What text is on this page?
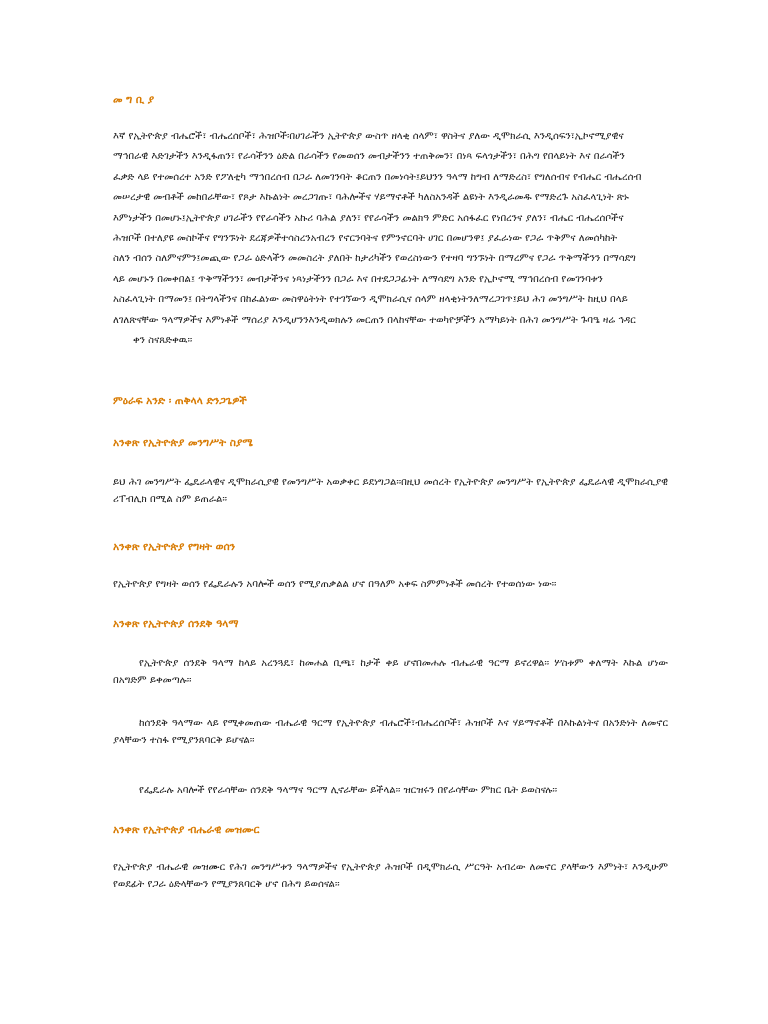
መ ግ ቢ ያ
እኛ የኢትዮጵያ ብሔሮች፣ ብሔረሰቦች፣ ሕዝቦች፡በሀገራችን ኢትዮጵያ ውስጥ ዘላቂ ሰላም፣ ዋስትና ያለው ዲሞክራሲ እንዲሰፍን፣ኢኮኖሚያዊና
ማኅበራዊ እድገታችን እንዲፋጠን፣ የራሳችንን ዕድል በራሳችን የመወሰን መብታችንን ተጠቅመን፣ በነጻ ፍላጎታችን፣ በሕግ የበላይነት እና በራሳችን
ፈቃድ ላይ የተመሰረተ አንድ የፖለቲካ ማኅበረሰብ በጋራ ለመገንባት ቆርጠን በመነሳት፤ይህንን ዓላማ ከግብ ለማድረስ፣ የግለሰብና የብሔር ብሔረሰብ
መሠረታዊ መብቶች መከበራቸው፣ የጾታ እኩልነት መረጋገጡ፣ ባሕሎችና ሃይማኖቶች ካለስአንዳች ልዩነት እንዲራመዱ የማድረጉ አስፈላጊነት ጽኑ
እምነታችን በመሆኑ፤ኢትዮጵያ ሀገራችን የየራሳችን አኩሪ ባሕል ያለን፣ የየራሳችን መልክዓ ምድር አሰፋፈር የነበረንና ያለን፣ ብሔር ብሔረሰቦችና
ሕዝቦች በተለያዩ መስኮችና የግንኙነት ደረጃዎችተሳስረንአብረን የኖርንባትና የምንኖርባት ሀገር በመሆንዋ፤ ያፈራነው የጋራ ጥቅምና ለመሰካከት
ስለን ብሰን ስለምናምን፤መጪው የጋራ ዕድላችን መመስረት ያለበት ከታሪካችን የወረስነውን የተዛባ ግንኙነት በማረምና የጋራ ጥቅማችንን በማሳደግ
ላይ መሆኑን በመቀበል፤ ጥቅማችንን፣ መብታችንና ነጻነታችንን በጋራ እና በተደጋጋፊነት ለማሳደግ አንድ የኢኮኖሚ ማኅበረሰብ የመገንባቱን
አስፈላጊነት በማመን፤ በትግላችንና በከፈልነው መስዋዕትነት የተገኘውን ዲሞክራሲና ሰላም ዘላቂነትንለማረጋገጥ፤ይህ ሕገ መንግሥት ከዚህ በላይ
ለገለጽናቸው ዓላማዎችና እምነቶች ማሰሪያ እንዲሆንንእንዲወክሉን መርጠን በላከናቸው ተወካዮቻችን አማካይነት በሕገ መንግሥት ጉባዔ ዛሬ ኅዳር
ቀን ስናጸድቀዉ፡፡
ምዕራፍ አንድ ፡ ጠቅላላ ድንጋጌዎች
አንቀጽ የኢትዮጵያ መንግሥት ስያሜ

ይህ ሕገ መንግሥት ፌዴራላዊና ዲሞክራሲያዊ የመንግሥት አወቃቀር ይደነግጋል፡፡በዚህ መሰረት የኢትዮጵያ መንግሥት የኢትዮጵያ ፌዴራላዊ ዲሞክራሲያዊ ሪፐብሊክ በሚል ስም ይጠራል፡፡

አንቀጽ የኢትዮጵያ የግዛት ወሰን

የኢትዮጵያ የግዛት ወሰን የፌዴራሉን አባሎች ወሰን የሚያጠቃልል ሆኖ በዓለም አቀፍ ስምምነቶች መሰረት የተወሰነው ነው፡፡

አንቀጽ የኢትዮጵያ ሰንደቅ ዓላማ

የኢትዮጵያ ሰንደቅ ዓላማ ከላይ አረንጓዴ፣ ከመሐል ቢጫ፣ ከታች ቀይ ሆኖበመሐሉ ብሔራዊ ዓርማ ይኖረዋል፡፡ ሦስቱም ቀለማት እኩል ሆነው በአግድም ይቀመጣሉ፡፡

ከሰንደቅ ዓላማው ላይ የሚቀመጠው ብሔራዊ ዓርማ የኢትዮጵያ ብሔሮች፣ብሔረሰቦች፣ ሕዝቦች እና ሃይማኖቶች በእኩልነትና በአንድነት ለመኖር ያላቸውን ተስፋ የሚያንጸባርቅ ይሆናል፡፡

የፌዴራሉ አባሎች የየራሳቸው ሰንደቅ ዓላማና ዓርማ ሊኖራቸው ይችላል፡፡ ዝርዝሩን በየራሳቸው ምክር ቤት ይወስናሉ፡፡

አንቀጽ የኢትዮጵያ ብሔራዊ መዝሙር

የኢትዮጵያ ብሔራዊ መዝሙር የሕገ መንግሥቱን ዓላማዎችና የኢትዮጵያ ሕዝቦች በዲሞክራሲ ሥርዓት አብረው ለመኖር ያላቸውን እምነት፣ እንዲሁም የወደፊት የጋራ ዕድላቸውን የሚያንጸባርቅ ሆኖ በሕግ ይወሰናል፡፡
